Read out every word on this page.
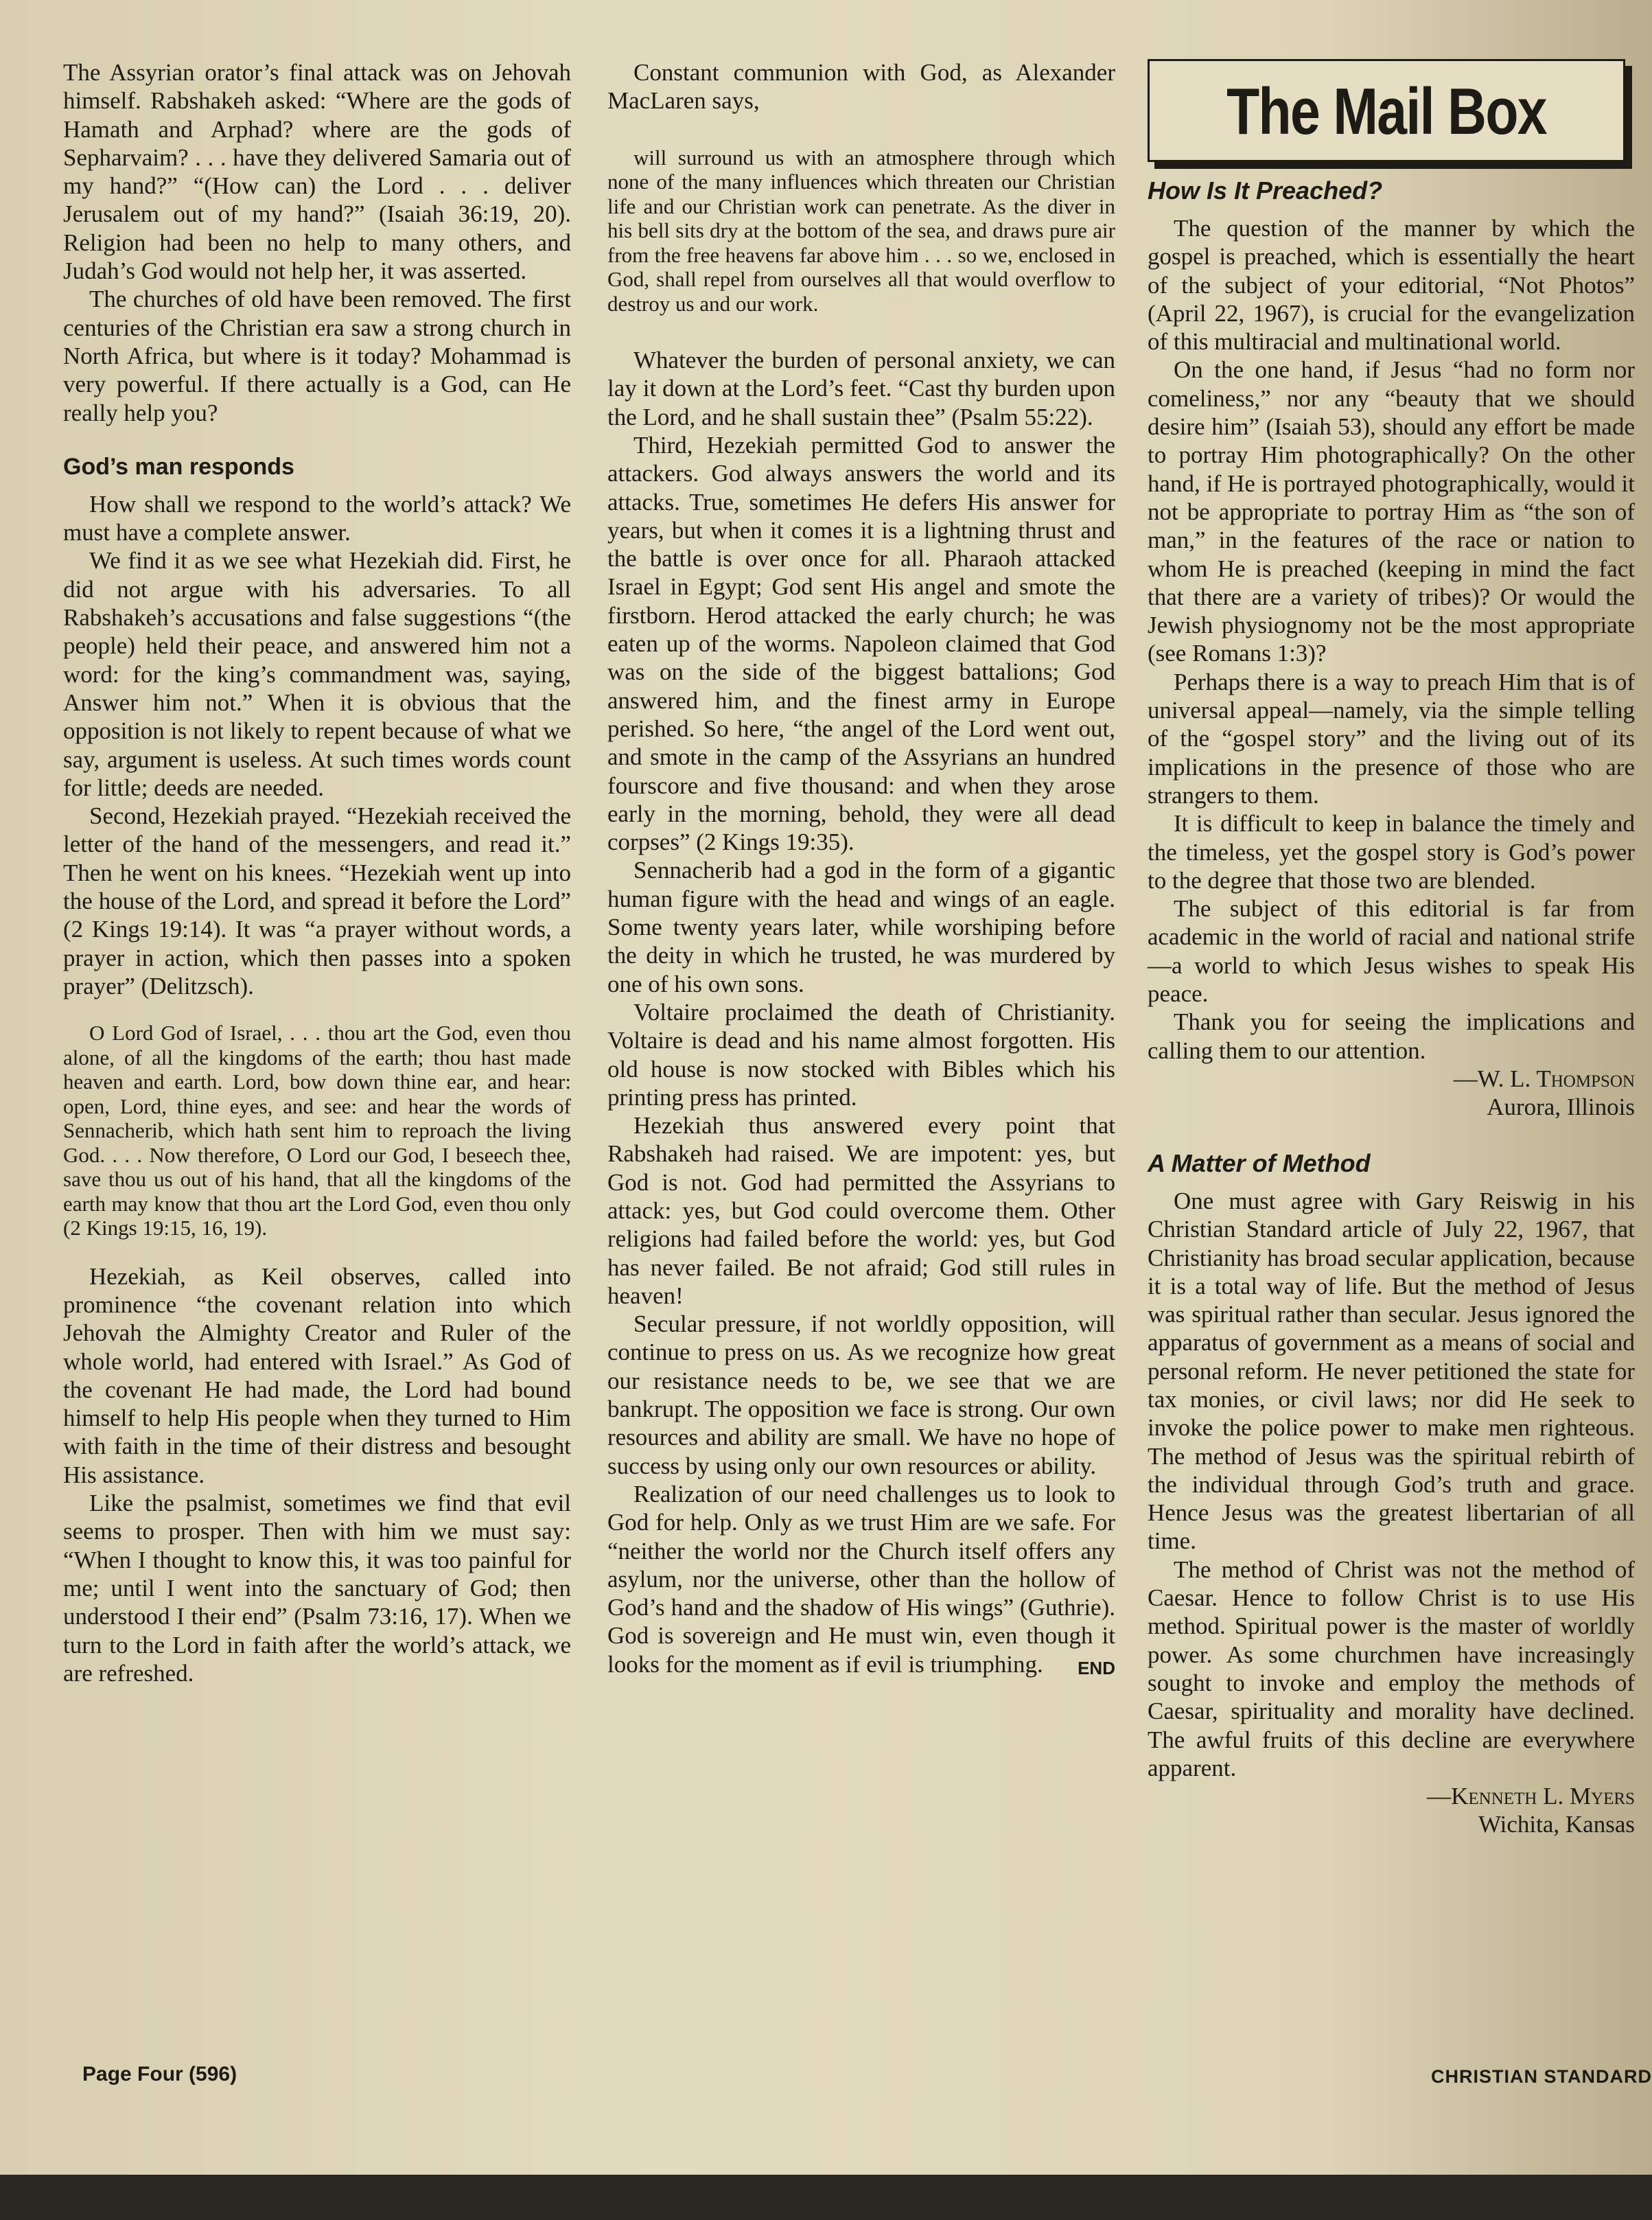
The Assyrian orator’s final attack was on Jehovah himself. Rabshakeh asked: “Where are the gods of Hamath and Arphad? where are the gods of Sepharvaim? . . . have they delivered Samaria out of my hand?” “(How can) the Lord . . . deliver Jerusalem out of my hand?” (Isaiah 36:19, 20). Religion had been no help to many others, and Judah’s God would not help her, it was asserted.

The churches of old have been removed. The first centuries of the Christian era saw a strong church in North Africa, but where is it today? Mohammad is very powerful. If there actually is a God, can He really help you?

God’s man responds

How shall we respond to the world’s attack? We must have a complete answer.

We find it as we see what Hezekiah did. First, he did not argue with his adversaries. To all Rabshakeh’s accusations and false suggestions “(the people) held their peace, and answered him not a word: for the king’s commandment was, saying, Answer him not.” When it is obvious that the opposition is not likely to repent because of what we say, argument is useless. At such times words count for little; deeds are needed.

Second, Hezekiah prayed. “Hezekiah received the letter of the hand of the messengers, and read it.” Then he went on his knees. “Hezekiah went up into the house of the Lord, and spread it before the Lord” (2 Kings 19:14). It was “a prayer without words, a prayer in action, which then passes into a spoken prayer” (Delitzsch).

O Lord God of Israel, . . . thou art the God, even thou alone, of all the kingdoms of the earth; thou hast made heaven and earth. Lord, bow down thine ear, and hear: open, Lord, thine eyes, and see: and hear the words of Sennacherib, which hath sent him to reproach the living God. . . . Now therefore, O Lord our God, I beseech thee, save thou us out of his hand, that all the kingdoms of the earth may know that thou art the Lord God, even thou only (2 Kings 19:15, 16, 19).

Hezekiah, as Keil observes, called into prominence “the covenant relation into which Jehovah the Almighty Creator and Ruler of the whole world, had entered with Israel.” As God of the covenant He had made, the Lord had bound himself to help His people when they turned to Him with faith in the time of their distress and besought His assistance.

Like the psalmist, sometimes we find that evil seems to prosper. Then with him we must say: “When I thought to know this, it was too painful for me; until I went into the sanctuary of God; then understood I their end” (Psalm 73:16, 17). When we turn to the Lord in faith after the world’s attack, we are refreshed.

Constant communion with God, as Alexander MacLaren says,

will surround us with an atmosphere through which none of the many influences which threaten our Christian life and our Christian work can penetrate. As the diver in his bell sits dry at the bottom of the sea, and draws pure air from the free heavens far above him . . . so we, enclosed in God, shall repel from ourselves all that would overflow to destroy us and our work.

Whatever the burden of personal anxiety, we can lay it down at the Lord’s feet. “Cast thy burden upon the Lord, and he shall sustain thee” (Psalm 55:22).

Third, Hezekiah permitted God to answer the attackers. God always answers the world and its attacks. True, sometimes He defers His answer for years, but when it comes it is a lightning thrust and the battle is over once for all. Pharaoh attacked Israel in Egypt; God sent His angel and smote the firstborn. Herod attacked the early church; he was eaten up of the worms. Napoleon claimed that God was on the side of the biggest battalions; God answered him, and the finest army in Europe perished. So here, “the angel of the Lord went out, and smote in the camp of the Assyrians an hundred fourscore and five thousand: and when they arose early in the morning, behold, they were all dead corpses” (2 Kings 19:35).

Sennacherib had a god in the form of a gigantic human figure with the head and wings of an eagle. Some twenty years later, while worshiping before the deity in which he trusted, he was murdered by one of his own sons.

Voltaire proclaimed the death of Christianity. Voltaire is dead and his name almost forgotten. His old house is now stocked with Bibles which his printing press has printed.

Hezekiah thus answered every point that Rabshakeh had raised. We are impotent: yes, but God is not. God had permitted the Assyrians to attack: yes, but God could overcome them. Other religions had failed before the world: yes, but God has never failed. Be not afraid; God still rules in heaven!

Secular pressure, if not worldly opposition, will continue to press on us. As we recognize how great our resistance needs to be, we see that we are bankrupt. The opposition we face is strong. Our own resources and ability are small. We have no hope of success by using only our own resources or ability.

Realization of our need challenges us to look to God for help. Only as we trust Him are we safe. For “neither the world nor the Church itself offers any asylum, nor the universe, other than the hollow of God’s hand and the shadow of His wings” (Guthrie). God is sovereign and He must win, even though it looks for the moment as if evil is triumphing.	END

The Mail Box
How Is It Preached?

The question of the manner by which the gospel is preached, which is essentially the heart of the subject of your editorial, “Not Photos” (April 22, 1967), is crucial for the evangelization of this multiracial and multinational world.

On the one hand, if Jesus “had no form nor comeliness,” nor any “beauty that we should desire him” (Isaiah 53), should any effort be made to portray Him photographically? On the other hand, if He is portrayed photographically, would it not be appropriate to portray Him as “the son of man,” in the features of the race or nation to whom He is preached (keeping in mind the fact that there are a variety of tribes)? Or would the Jewish physiognomy not be the most appropriate (see Romans 1:3)?

Perhaps there is a way to preach Him that is of universal appeal—namely, via the simple telling of the “gospel story” and the living out of its implications in the presence of those who are strangers to them.

It is difficult to keep in balance the timely and the timeless, yet the gospel story is God’s power to the degree that those two are blended.

The subject of this editorial is far from academic in the world of racial and national strife—a world to which Jesus wishes to speak His peace.

Thank you for seeing the implications and calling them to our attention.

—W. L. Thompson

Aurora, Illinois

A Matter of Method

One must agree with Gary Reiswig in his Christian Standard article of July 22, 1967, that Christianity has broad secular application, because it is a total way of life. But the method of Jesus was spiritual rather than secular. Jesus ignored the apparatus of government as a means of social and personal reform. He never petitioned the state for tax monies, or civil laws; nor did He seek to invoke the police power to make men righteous. The method of Jesus was the spiritual rebirth of the individual through God’s truth and grace. Hence Jesus was the greatest libertarian of all time.

The method of Christ was not the method of Caesar. Hence to follow Christ is to use His method. Spiritual power is the master of worldly power. As some churchmen have increasingly sought to invoke and employ the methods of Caesar, spirituality and morality have declined. The awful fruits of this decline are everywhere apparent.

—Kenneth L. Myers

Wichita, Kansas

Page Four (596)	CHRISTIAN STANDARD
